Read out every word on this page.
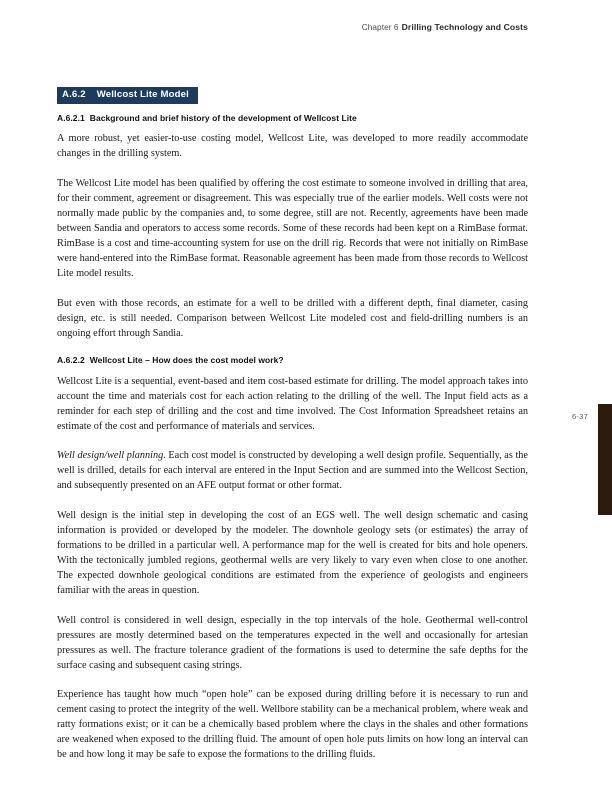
Chapter 6 Drilling Technology and Costs
A.6.2 Wellcost Lite Model
A.6.2.1 Background and brief history of the development of Wellcost Lite

A more robust, yet easier-to-use costing model, Wellcost Lite, was developed to more readily accommodate changes in the drilling system.

The Wellcost Lite model has been qualified by offering the cost estimate to someone involved in drilling that area, for their comment, agreement or disagreement. This was especially true of the earlier models. Well costs were not normally made public by the companies and, to some degree, still are not. Recently, agreements have been made between Sandia and operators to access some records. Some of these records had been kept on a RimBase format. RimBase is a cost and time-accounting system for use on the drill rig. Records that were not initially on RimBase were hand-entered into the RimBase format. Reasonable agreement has been made from those records to Wellcost Lite model results.

But even with those records, an estimate for a well to be drilled with a different depth, final diameter, casing design, etc. is still needed. Comparison between Wellcost Lite modeled cost and field-drilling numbers is an ongoing effort through Sandia.

A.6.2.2 Wellcost Lite – How does the cost model work?

Wellcost Lite is a sequential, event-based and item cost-based estimate for drilling. The model approach takes into account the time and materials cost for each action relating to the drilling of the well. The Input field acts as a reminder for each step of drilling and the cost and time involved. The Cost Information Spreadsheet retains an estimate of the cost and performance of materials and services.

Well design/well planning. Each cost model is constructed by developing a well design profile. Sequentially, as the well is drilled, details for each interval are entered in the Input Section and are summed into the Wellcost Section, and subsequently presented on an AFE output format or other format.

Well design is the initial step in developing the cost of an EGS well. The well design schematic and casing information is provided or developed by the modeler. The downhole geology sets (or estimates) the array of formations to be drilled in a particular well. A performance map for the well is created for bits and hole openers. With the tectonically jumbled regions, geothermal wells are very likely to vary even when close to one another. The expected downhole geological conditions are estimated from the experience of geologists and engineers familiar with the areas in question.

Well control is considered in well design, especially in the top intervals of the hole. Geothermal well-control pressures are mostly determined based on the temperatures expected in the well and occasionally for artesian pressures as well. The fracture tolerance gradient of the formations is used to determine the safe depths for the surface casing and subsequent casing strings.

Experience has taught how much “open hole” can be exposed during drilling before it is necessary to run and cement casing to protect the integrity of the well. Wellbore stability can be a mechanical problem, where weak and ratty formations exist; or it can be a chemically based problem where the clays in the shales and other formations are weakened when exposed to the drilling fluid. The amount of open hole puts limits on how long an interval can be and how long it may be safe to expose the formations to the drilling fluids.

6-37
